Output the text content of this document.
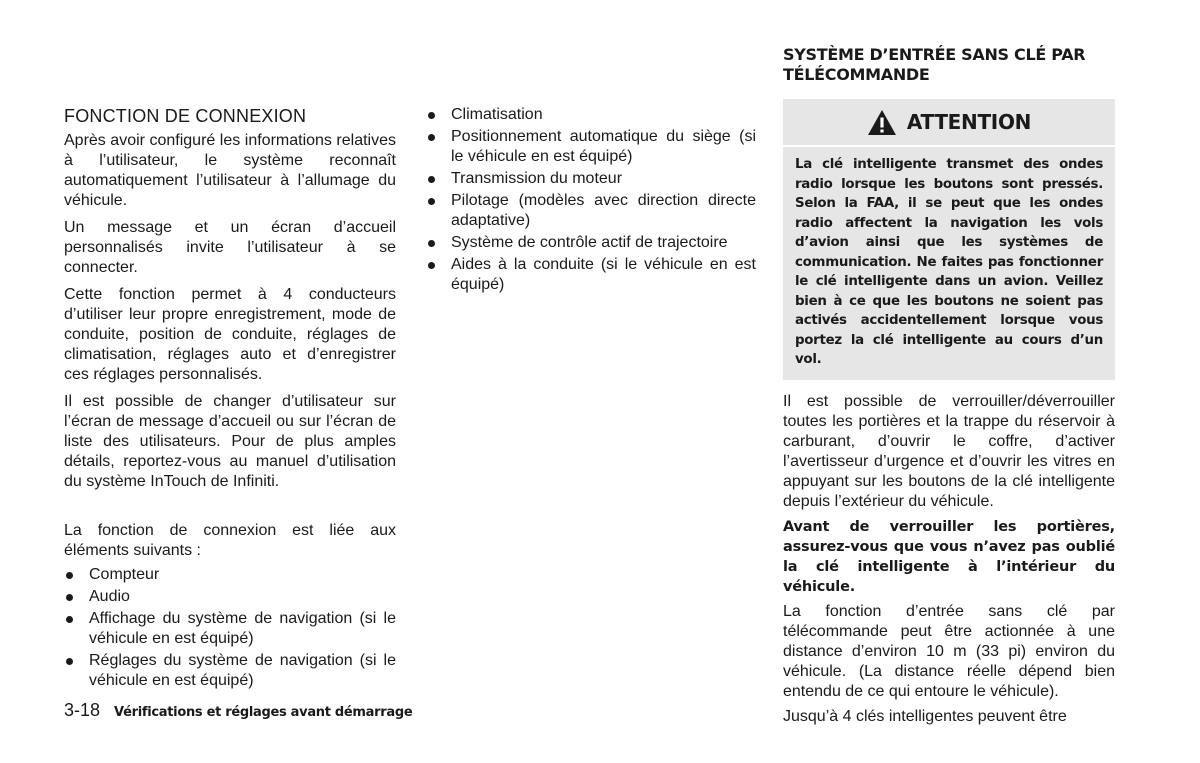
FONCTION DE CONNEXION

Après avoir configuré les informations relatives à l’utilisateur, le système reconnaît automatiquement l’utilisateur à l’allumage du véhicule.

Un message et un écran d’accueil personnalisés invite l’utilisateur à se connecter.

Cette fonction permet à 4 conducteurs d’utiliser leur propre enregistrement, mode de conduite, position de conduite, réglages de climatisation, réglages auto et d’enregistrer ces réglages personnalisés.

Il est possible de changer d’utilisateur sur l’écran de message d’accueil ou sur l’écran de liste des utilisateurs. Pour de plus amples détails, reportez-vous au manuel d’utilisation du système InTouch de Infiniti.

La fonction de connexion est liée aux éléments suivants :

Compteur
Audio
Affichage du système de navigation (si le véhicule en est équipé)
Réglages du système de navigation (si le véhicule en est équipé)
Climatisation
Positionnement automatique du siège (si le véhicule en est équipé)
Transmission du moteur
Pilotage (modèles avec direction directe adaptative)
Système de contrôle actif de trajectoire
Aides à la conduite (si le véhicule en est équipé)
SYSTÈME D’ENTRÉE SANS CLÉ PAR TÉLÉCOMMANDE
ATTENTION

La clé intelligente transmet des ondes radio lorsque les boutons sont pressés. Selon la FAA, il se peut que les ondes radio affectent la navigation les vols d’avion ainsi que les systèmes de communication. Ne faites pas fonctionner le clé intelligente dans un avion. Veillez bien à ce que les boutons ne soient pas activés accidentellement lorsque vous portez la clé intelligente au cours d’un vol.

Il est possible de verrouiller/déverrouiller toutes les portières et la trappe du réservoir à carburant, d’ouvrir le coffre, d’activer l’avertisseur d’urgence et d’ouvrir les vitres en appuyant sur les boutons de la clé intelligente depuis l’extérieur du véhicule.

Avant de verrouiller les portières, assurez-vous que vous n’avez pas oublié la clé intelligente à l’intérieur du véhicule.

La fonction d’entrée sans clé par télécommande peut être actionnée à une distance d’environ 10 m (33 pi) environ du véhicule. (La distance réelle dépend bien entendu de ce qui entoure le véhicule).

Jusqu’à 4 clés intelligentes peuvent être

3-18 Vérifications et réglages avant démarrage
